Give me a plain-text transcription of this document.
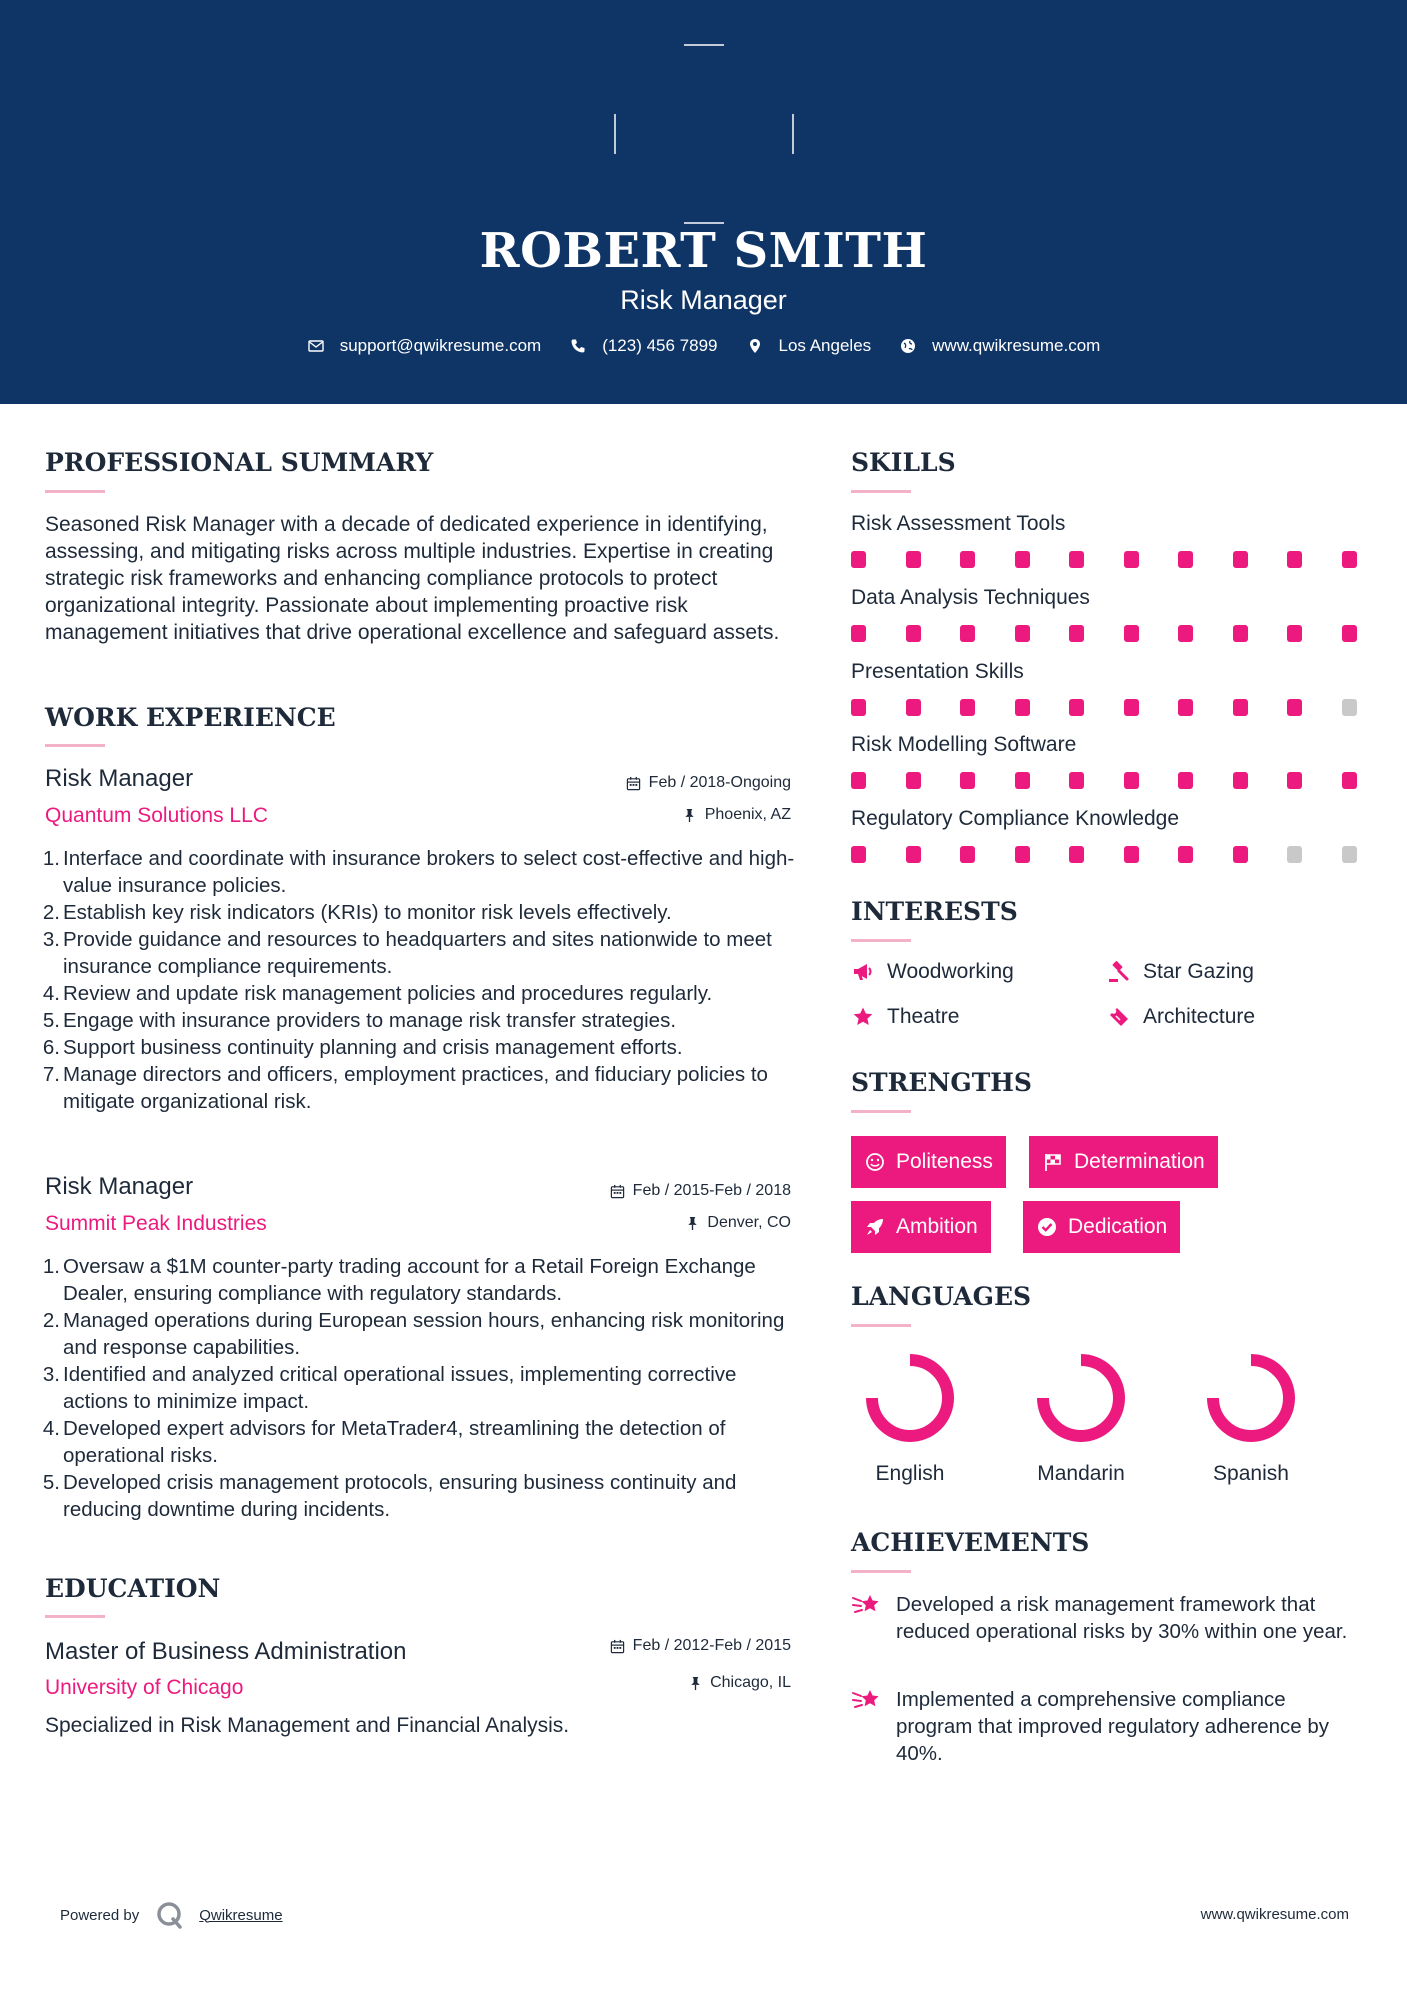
ROBERT SMITH
Risk Manager
support@qwikresume.com	(123) 456 7899	Los Angeles	www.qwikresume.com
PROFESSIONAL SUMMARY
Seasoned Risk Manager with a decade of dedicated experience in identifying, assessing, and mitigating risks across multiple industries. Expertise in creating strategic risk frameworks and enhancing compliance protocols to protect organizational integrity. Passionate about implementing proactive risk management initiatives that drive operational excellence and safeguard assets.
WORK EXPERIENCE
Risk Manager	Feb / 2018-Ongoing
Quantum Solutions LLC	Phoenix, AZ
1. Interface and coordinate with insurance brokers to select cost-effective and high-value insurance policies.
2. Establish key risk indicators (KRIs) to monitor risk levels effectively.
3. Provide guidance and resources to headquarters and sites nationwide to meet insurance compliance requirements.
4. Review and update risk management policies and procedures regularly.
5. Engage with insurance providers to manage risk transfer strategies.
6. Support business continuity planning and crisis management efforts.
7. Manage directors and officers, employment practices, and fiduciary policies to mitigate organizational risk.
Risk Manager	Feb / 2015-Feb / 2018
Summit Peak Industries	Denver, CO
1. Oversaw a $1M counter-party trading account for a Retail Foreign Exchange Dealer, ensuring compliance with regulatory standards.
2. Managed operations during European session hours, enhancing risk monitoring and response capabilities.
3. Identified and analyzed critical operational issues, implementing corrective actions to minimize impact.
4. Developed expert advisors for MetaTrader4, streamlining the detection of operational risks.
5. Developed crisis management protocols, ensuring business continuity and reducing downtime during incidents.
EDUCATION
Master of Business Administration	Feb / 2012-Feb / 2015
University of Chicago	Chicago, IL
Specialized in Risk Management and Financial Analysis.
SKILLS
Risk Assessment Tools
Data Analysis Techniques
Presentation Skills
Risk Modelling Software
Regulatory Compliance Knowledge
INTERESTS
Woodworking	Star Gazing
Theatre	Architecture
STRENGTHS
Politeness	Determination
Ambition	Dedication
LANGUAGES
English	Mandarin	Spanish
ACHIEVEMENTS
Developed a risk management framework that reduced operational risks by 30% within one year.
Implemented a comprehensive compliance program that improved regulatory adherence by 40%.
Powered by	Qwikresume	www.qwikresume.com
